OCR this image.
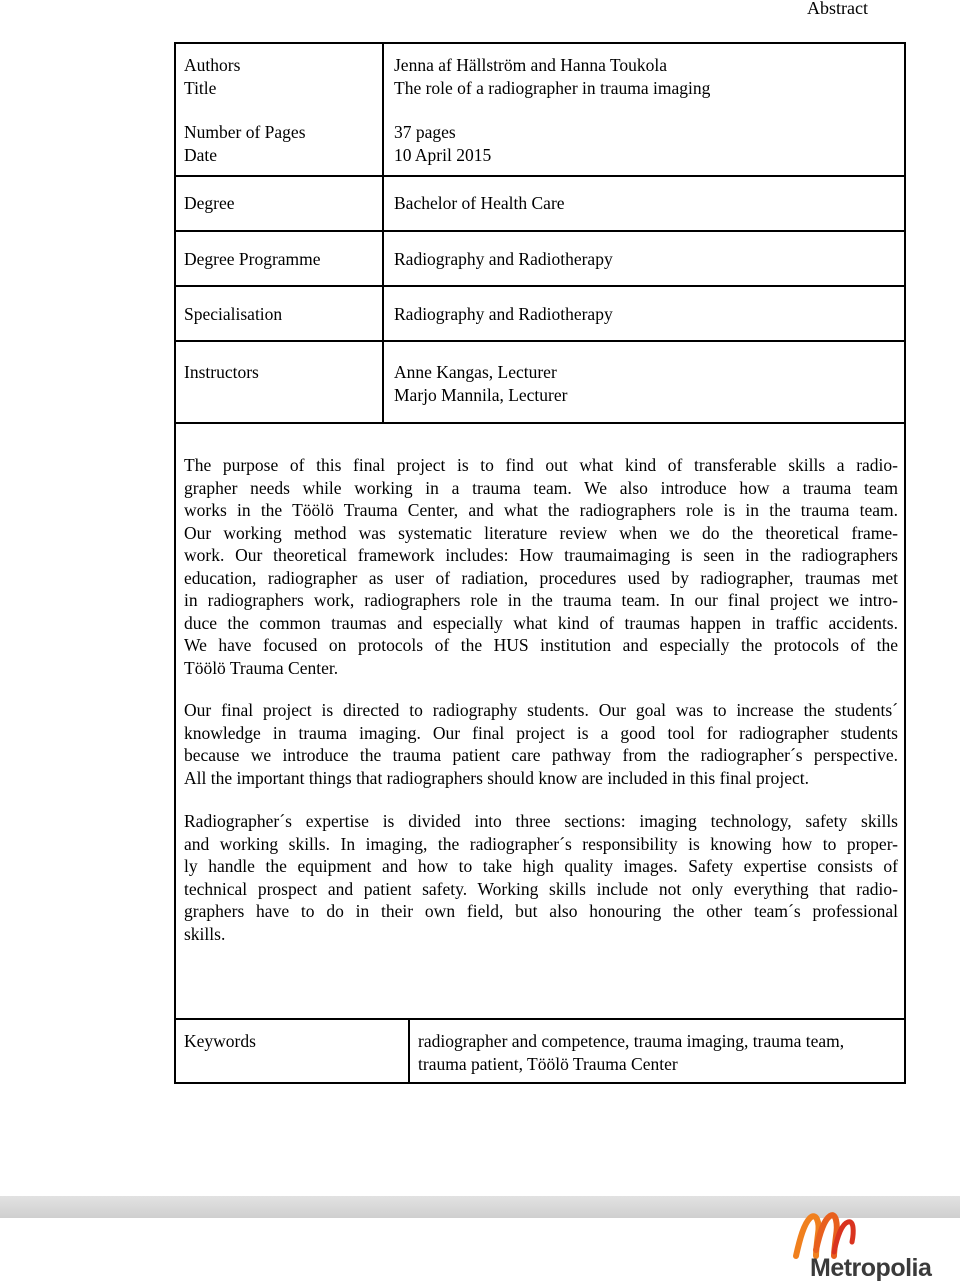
Abstract
Authors	Jenna af Hällström and Hanna Toukola
Title	The role of a radiographer in trauma imaging
Number of Pages	37 pages
Date	10 April 2015
Degree	Bachelor of Health Care
Degree Programme	Radiography and Radiotherapy
Specialisation	Radiography and Radiotherapy
Instructors	Anne Kangas, Lecturer
Marjo Mannila, Lecturer
The purpose of this final project is to find out what kind of transferable skills a radio-
grapher needs while working in a trauma team. We also introduce how a trauma team
works in the Töölö Trauma Center, and what the radiographers role is in the trauma team.
Our working method was systematic literature review when we do the theoretical frame-
work. Our theoretical framework includes: How traumaimaging is seen in the radiographers
education, radiographer as user of radiation, procedures used by radiographer, traumas met
in radiographers work, radiographers role in the trauma team. In our final project we intro-
duce the common traumas and especially what kind of traumas happen in traffic accidents.
We have focused on protocols of the HUS institution and especially the protocols of the
Töölö Trauma Center.
Our final project is directed to radiography students. Our goal was to increase the students´
knowledge in trauma imaging. Our final project is a good tool for radiographer students
because we introduce the trauma patient care pathway from the radiographer´s perspective.
All the important things that radiographers should know are included in this final project.
Radiographer´s expertise is divided into three sections: imaging technology, safety skills
and working skills. In imaging, the radiographer´s responsibility is knowing how to proper-
ly handle the equipment and how to take high quality images. Safety expertise consists of
technical prospect and patient safety. Working skills include not only everything that radio-
graphers have to do in their own field, but also honouring the other team´s professional
skills.
Keywords	radiographer and competence, trauma imaging, trauma team,
trauma patient, Töölö Trauma Center
Metropolia
